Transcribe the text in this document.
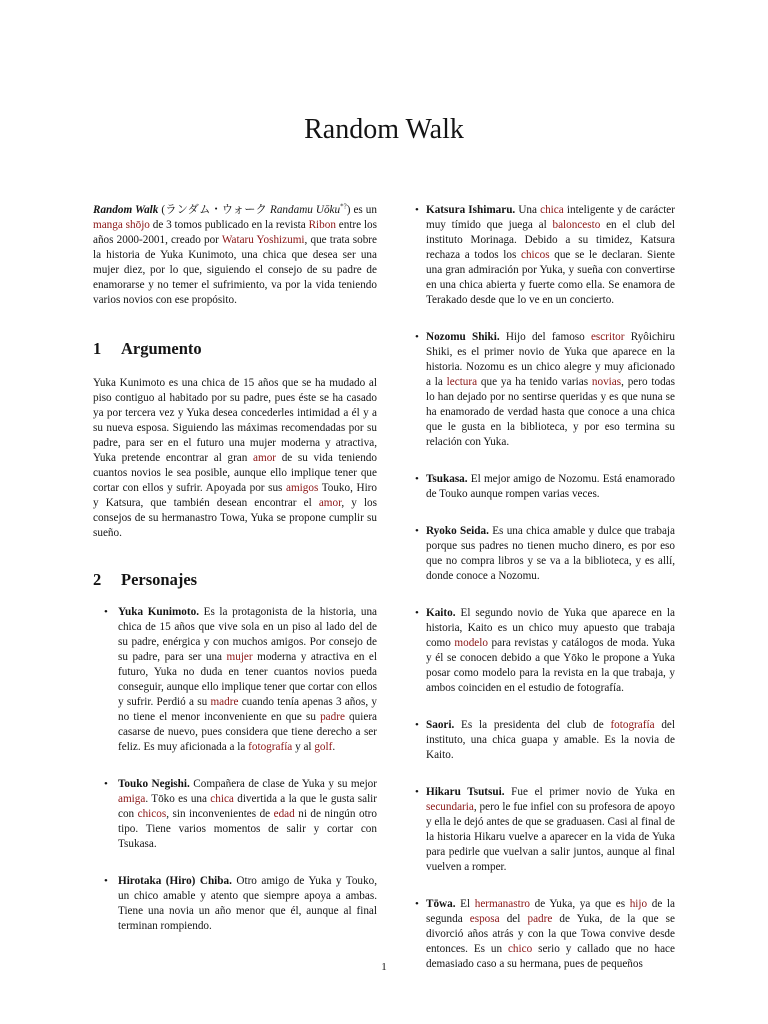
Random Walk

Random Walk (ランダム・ウォーク Randamu Uōku*?) es un manga shōjo de 3 tomos publicado en la revista Ribon entre los años 2000-2001, creado por Wataru Yoshizumi, que trata sobre la historia de Yuka Kunimoto, una chica que desea ser una mujer diez, por lo que, siguiendo el consejo de su padre de enamorarse y no temer el sufrimiento, va por la vida teniendo varios novios con ese propósito.

1 Argumento

Yuka Kunimoto es una chica de 15 años que se ha mudado al piso contiguo al habitado por su padre, pues éste se ha casado ya por tercera vez y Yuka desea concederles intimidad a él y a su nueva esposa. Siguiendo las máximas recomendadas por su padre, para ser en el futuro una mujer moderna y atractiva, Yuka pretende encontrar al gran amor de su vida teniendo cuantos novios le sea posible, aunque ello implique tener que cortar con ellos y sufrir. Apoyada por sus amigos Touko, Hiro y Katsura, que también desean encontrar el amor, y los consejos de su hermanastro Towa, Yuka se propone cumplir su sueño.

2 Personajes
• Yuka Kunimoto. Es la protagonista de la historia, una chica de 15 años que vive sola en un piso al lado del de su padre, enérgica y con muchos amigos. Por consejo de su padre, para ser una mujer moderna y atractiva en el futuro, Yuka no duda en tener cuantos novios pueda conseguir, aunque ello implique tener que cortar con ellos y sufrir. Perdió a su madre cuando tenía apenas 3 años, y no tiene el menor inconveniente en que su padre quiera casarse de nuevo, pues considera que tiene derecho a ser feliz. Es muy aficionada a la fotografía y al golf.

• Touko Negishi. Compañera de clase de Yuka y su mejor amiga. Tōko es una chica divertida a la que le gusta salir con chicos, sin inconvenientes de edad ni de ningún otro tipo. Tiene varios momentos de salir y cortar con Tsukasa.

• Hirotaka (Hiro) Chiba. Otro amigo de Yuka y Touko, un chico amable y atento que siempre apoya a ambas. Tiene una novia un año menor que él, aunque al final terminan rompiendo.

• Katsura Ishimaru. Una chica inteligente y de carácter muy tímido que juega al baloncesto en el club del instituto Morinaga. Debido a su timidez, Katsura rechaza a todos los chicos que se le declaran. Siente una gran admiración por Yuka, y sueña con convertirse en una chica abierta y fuerte como ella. Se enamora de Terakado desde que lo ve en un concierto.

• Nozomu Shiki. Hijo del famoso escritor Ryôichiru Shiki, es el primer novio de Yuka que aparece en la historia. Nozomu es un chico alegre y muy aficionado a la lectura que ya ha tenido varias novias, pero todas lo han dejado por no sentirse queridas y es que nuna se ha enamorado de verdad hasta que conoce a una chica que le gusta en la biblioteca, y por eso termina su relación con Yuka.

• Tsukasa. El mejor amigo de Nozomu. Está enamorado de Touko aunque rompen varias veces.

• Ryoko Seida. Es una chica amable y dulce que trabaja porque sus padres no tienen mucho dinero, es por eso que no compra libros y se va a la biblioteca, y es allí, donde conoce a Nozomu.

• Kaito. El segundo novio de Yuka que aparece en la historia, Kaito es un chico muy apuesto que trabaja como modelo para revistas y catálogos de moda. Yuka y él se conocen debido a que Yōko le propone a Yuka posar como modelo para la revista en la que trabaja, y ambos coinciden en el estudio de fotografía.

• Saori. Es la presidenta del club de fotografía del instituto, una chica guapa y amable. Es la novia de Kaito.

• Hikaru Tsutsui. Fue el primer novio de Yuka en secundaria, pero le fue infiel con su profesora de apoyo y ella le dejó antes de que se graduasen. Casi al final de la historia Hikaru vuelve a aparecer en la vida de Yuka para pedirle que vuelvan a salir juntos, aunque al final vuelven a romper.

• Tōwa. El hermanastro de Yuka, ya que es hijo de la segunda esposa del padre de Yuka, de la que se divorció años atrás y con la que Towa convive desde entonces. Es un chico serio y callado que no hace demasiado caso a su hermana, pues de pequeños

1
